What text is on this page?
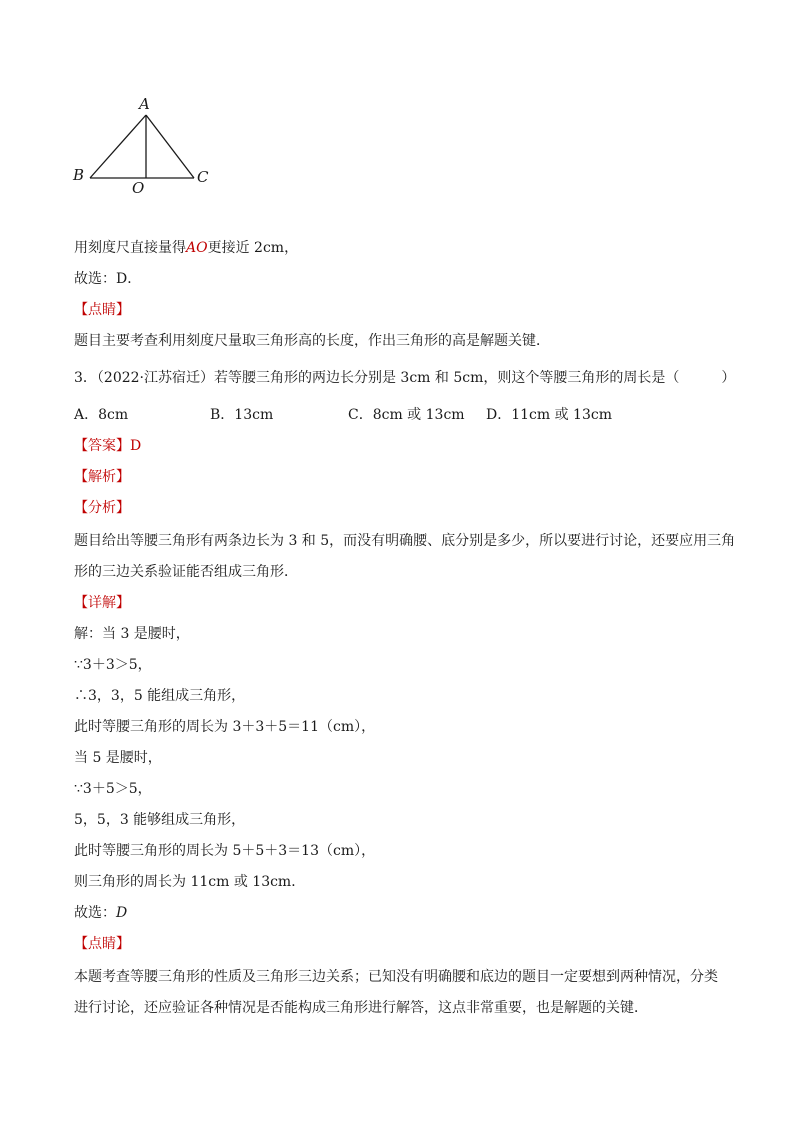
A
B	C
O
用刻度尺直接量得AO更接近 2cm，
故选：D．
【点睛】
题目主要考查利用刻度尺量取三角形高的长度，作出三角形的高是解题关键．
3．（2022·江苏宿迁）若等腰三角形的两边长分别是 3cm 和 5cm，则这个等腰三角形的周长是（　　　）
A．8cm	B．13cm	C．8cm 或 13cm D．11cm 或 13cm
【答案】D
【解析】
【分析】
题目给出等腰三角形有两条边长为 3 和 5，而没有明确腰、底分别是多少，所以要进行讨论，还要应用三角
形的三边关系验证能否组成三角形．
【详解】
解：当 3 是腰时，
∵3＋3＞5，
∴3，3，5 能组成三角形，
此时等腰三角形的周长为 3＋3＋5＝11（cm），
当 5 是腰时，
∵3＋5＞5，
5，5，3 能够组成三角形，
此时等腰三角形的周长为 5＋5＋3＝13（cm），
则三角形的周长为 11cm 或 13cm．
故选：D
【点睛】
本题考查等腰三角形的性质及三角形三边关系；已知没有明确腰和底边的题目一定要想到两种情况，分类
进行讨论，还应验证各种情况是否能构成三角形进行解答，这点非常重要，也是解题的关键．
